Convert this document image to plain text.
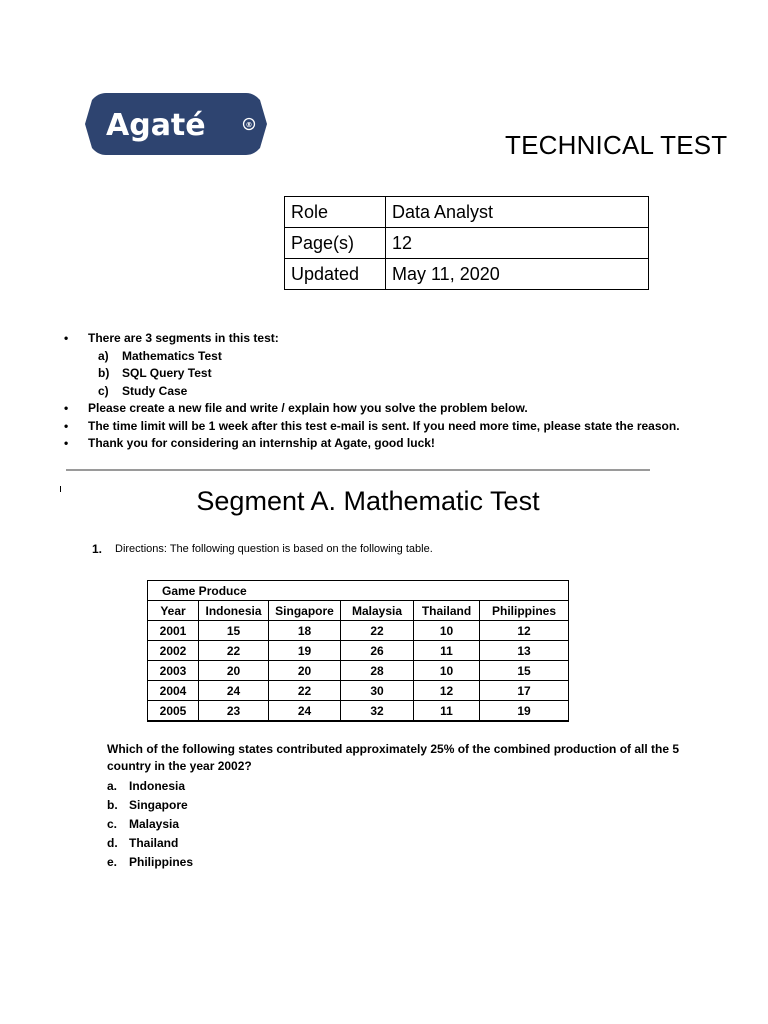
Agaté	®
TECHNICAL TEST
Role	Data Analyst
Page(s)	12
Updated	May 11, 2020
•	There are 3 segments in this test:
a)	Mathematics Test
b)	SQL Query Test
c)	Study Case
•	Please create a new file and write / explain how you solve the problem below.
•	The time limit will be 1 week after this test e-mail is sent. If you need more time, please state the reason.
•	Thank you for considering an internship at Agate, good luck!
Segment A. Mathematic Test
1. Directions: The following question is based on the following table.
Game Produce					
Year	Indonesia	Singapore	Malaysia	Thailand	Philippines
2001	15	18	22	10	12
2002	22	19	26	11	13
2003	20	20	28	10	15
2004	24	22	30	12	17
2005	23	24	32	11	19
Which of the following states contributed approximately 25% of the combined production of all the 5 country in the year 2002?
a. Indonesia
b. Singapore
c. Malaysia
d. Thailand
e. Philippines
